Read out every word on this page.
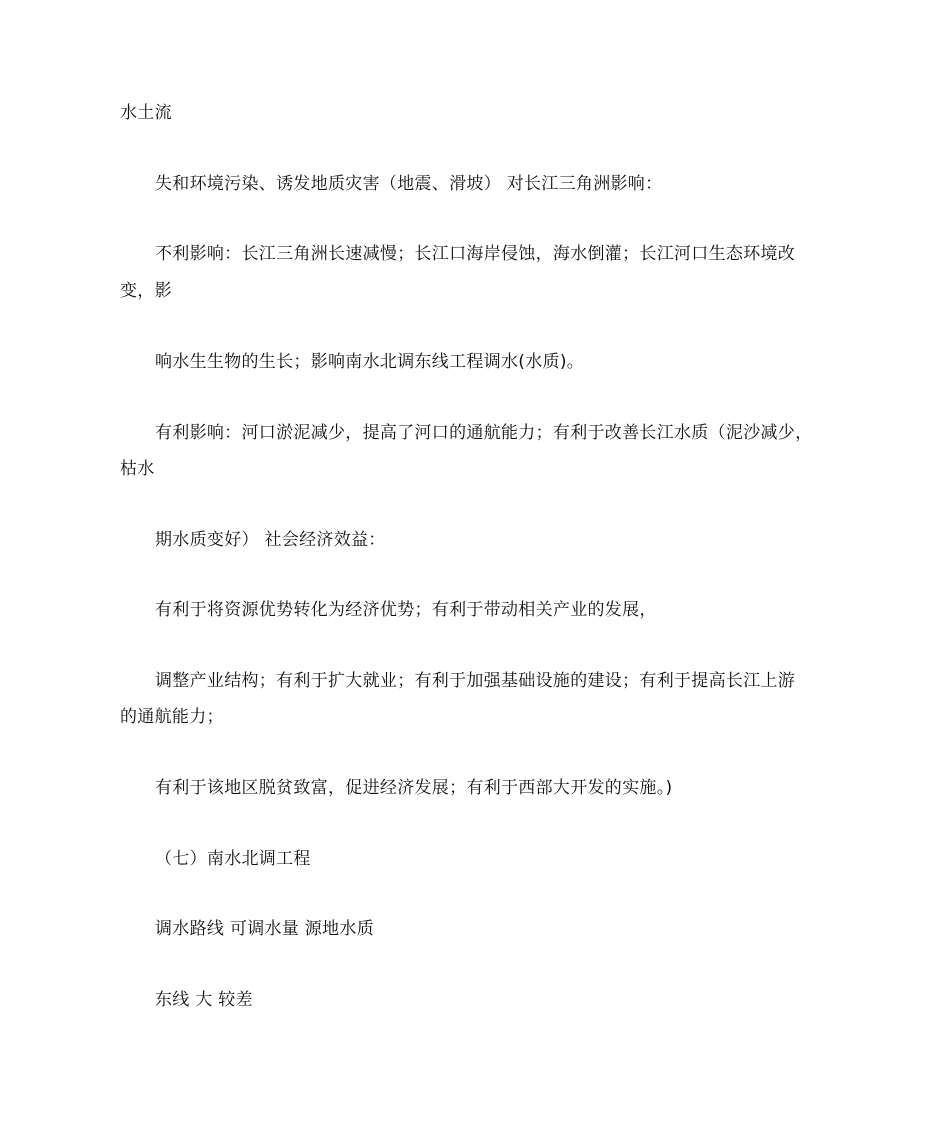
水土流
失和环境污染、诱发地质灾害（地震、滑坡） 对长江三角洲影响：
不利影响：长江三角洲长速减慢；长江口海岸侵蚀，海水倒灌；长江河口生态环境改
变，影
响水生生物的生长；影响南水北调东线工程调水(水质)。
有利影响：河口淤泥减少，提高了河口的通航能力；有利于改善长江水质（泥沙减少，
枯水
期水质变好） 社会经济效益：
有利于将资源优势转化为经济优势；有利于带动相关产业的发展，
调整产业结构；有利于扩大就业；有利于加强基础设施的建设；有利于提高长江上游
的通航能力；
有利于该地区脱贫致富，促进经济发展；有利于西部大开发的实施。)
（七）南水北调工程
调水路线 可调水量 源地水质
东线 大 较差
